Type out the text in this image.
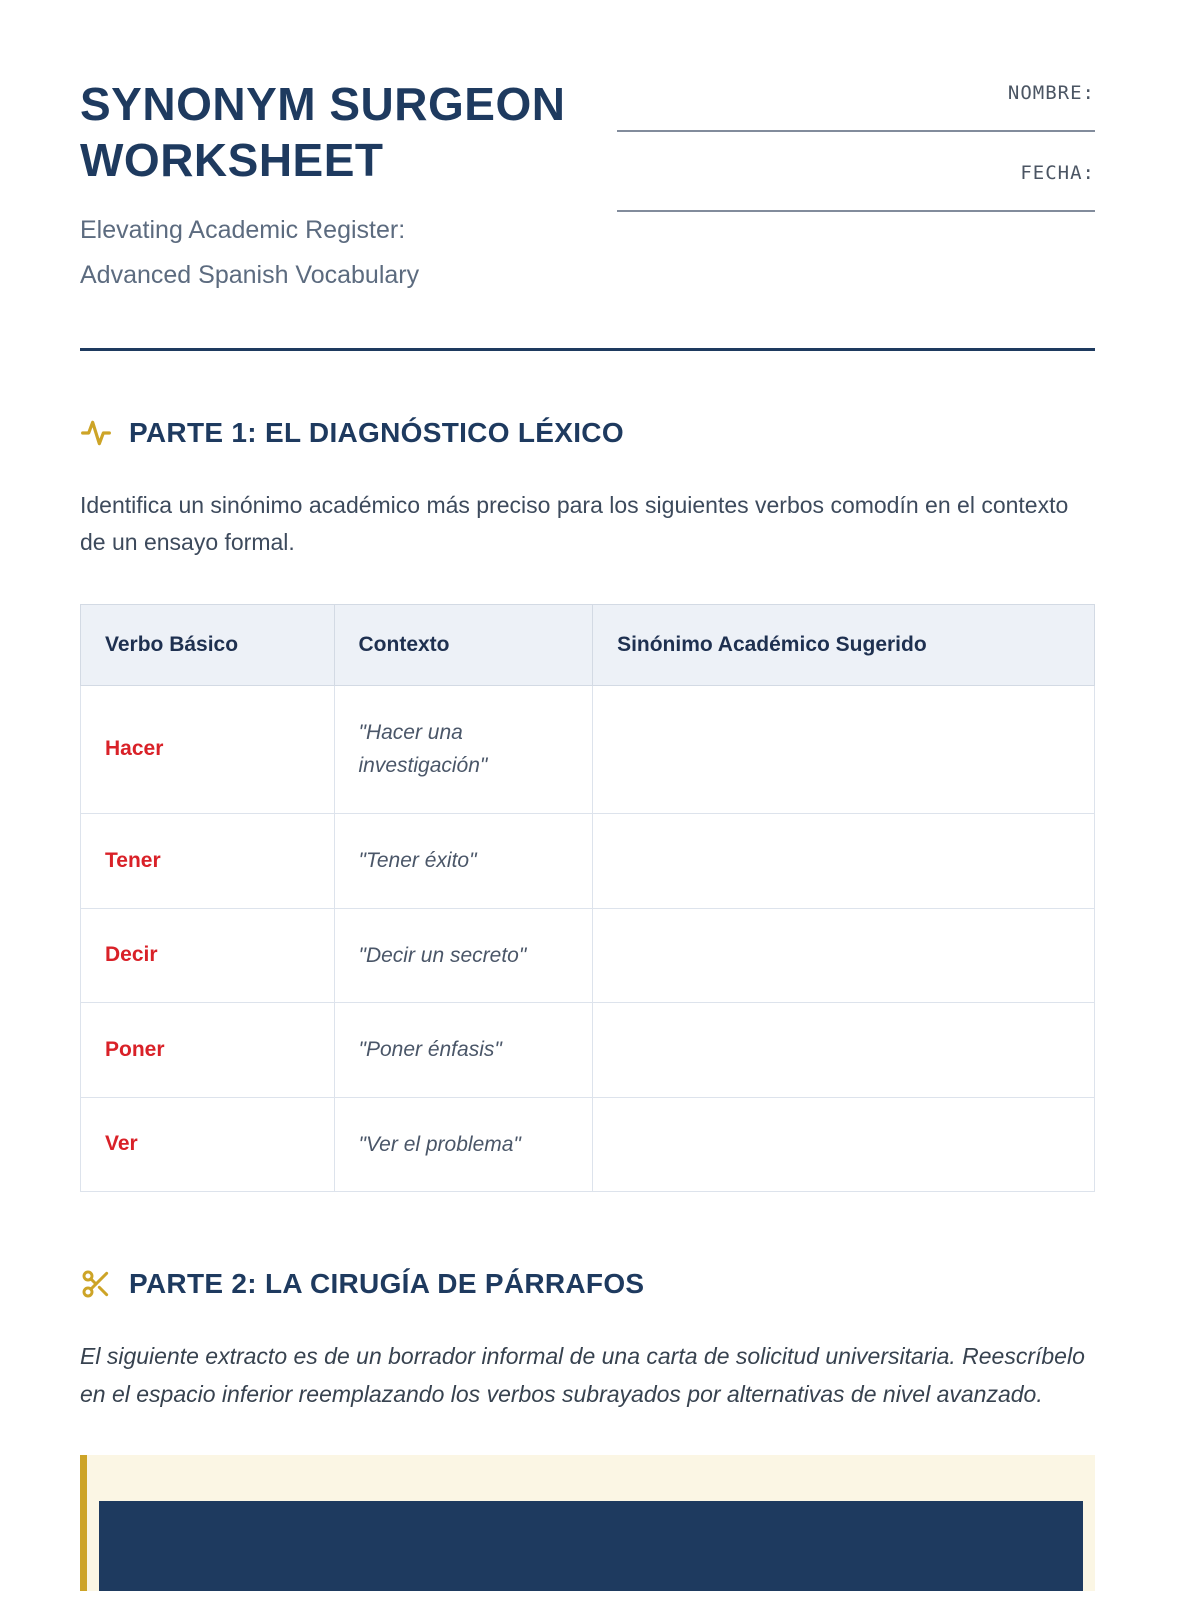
SYNONYM SURGEON
WORKSHEET
Elevating Academic Register:
Advanced Spanish Vocabulary
NOMBRE:
FECHA:
PARTE 1: EL DIAGNÓSTICO LÉXICO

Identifica un sinónimo académico más preciso para los siguientes verbos comodín en el contexto de un ensayo formal.

Verbo Básico	Contexto	Sinónimo Académico Sugerido
Hacer	"Hacer una investigación"	
Tener	"Tener éxito"	
Decir	"Decir un secreto"	
Poner	"Poner énfasis"	
Ver	"Ver el problema"	
PARTE 2: LA CIRUGÍA DE PÁRRAFOS

El siguiente extracto es de un borrador informal de una carta de solicitud universitaria. Reescríbelo en el espacio inferior reemplazando los verbos subrayados por alternativas de nivel avanzado.
